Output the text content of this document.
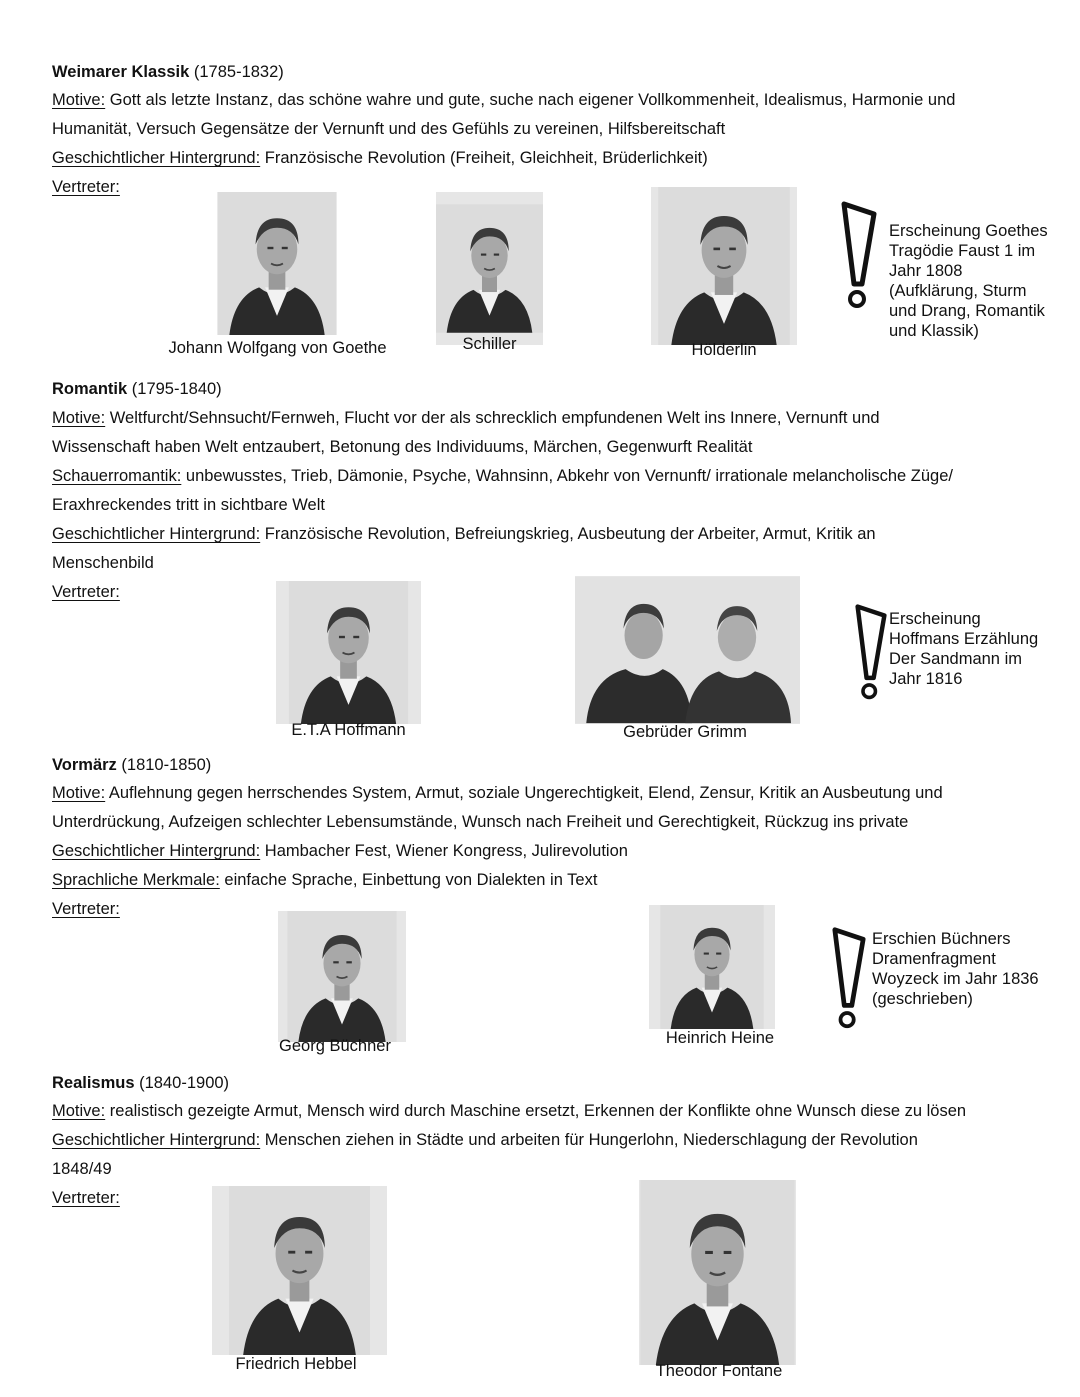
Weimarer Klassik (1785-1832)
Motive: Gott als letzte Instanz, das schöne wahre und gute, suche nach eigener Vollkommenheit, Idealismus, Harmonie und
Humanität, Versuch Gegensätze der Vernunft und des Gefühls zu vereinen, Hilfsbereitschaft
Geschichtlicher Hintergrund: Französische Revolution (Freiheit, Gleichheit, Brüderlichkeit)
Vertreter:
Johann Wolfgang von Goethe	Schiller	Hölderlin
Erscheinung Goethes
Tragödie Faust 1 im
Jahr 1808
(Aufklärung, Sturm
und Drang, Romantik
und Klassik)
Romantik (1795-1840)
Motive: Weltfurcht/Sehnsucht/Fernweh, Flucht vor der als schrecklich empfundenen Welt ins Innere, Vernunft und
Wissenschaft haben Welt entzaubert, Betonung des Individuums, Märchen, Gegenwurft Realität
Schauerromantik: unbewusstes, Trieb, Dämonie, Psyche, Wahnsinn, Abkehr von Vernunft/ irrationale melancholische Züge/
Eraxhreckendes tritt in sichtbare Welt
Geschichtlicher Hintergrund: Französische Revolution, Befreiungskrieg, Ausbeutung der Arbeiter, Armut, Kritik an
Menschenbild
Vertreter:
E.T.A Hoffmann	Gebrüder Grimm
Erscheinung
Hoffmans Erzählung
Der Sandmann im
Jahr 1816
Vormärz (1810-1850)
Motive: Auflehnung gegen herrschendes System, Armut, soziale Ungerechtigkeit, Elend, Zensur, Kritik an Ausbeutung und
Unterdrückung, Aufzeigen schlechter Lebensumstände, Wunsch nach Freiheit und Gerechtigkeit, Rückzug ins private
Geschichtlicher Hintergrund: Hambacher Fest, Wiener Kongress, Julirevolution
Sprachliche Merkmale: einfache Sprache, Einbettung von Dialekten in Text
Vertreter:
Georg Büchner	Heinrich Heine
Erschien Büchners
Dramenfragment
Woyzeck im Jahr 1836
(geschrieben)
Realismus (1840-1900)
Motive: realistisch gezeigte Armut, Mensch wird durch Maschine ersetzt, Erkennen der Konflikte ohne Wunsch diese zu lösen
Geschichtlicher Hintergrund: Menschen ziehen in Städte und arbeiten für Hungerlohn, Niederschlagung der Revolution
1848/49
Vertreter:
Friedrich Hebbel	Theodor Fontane
